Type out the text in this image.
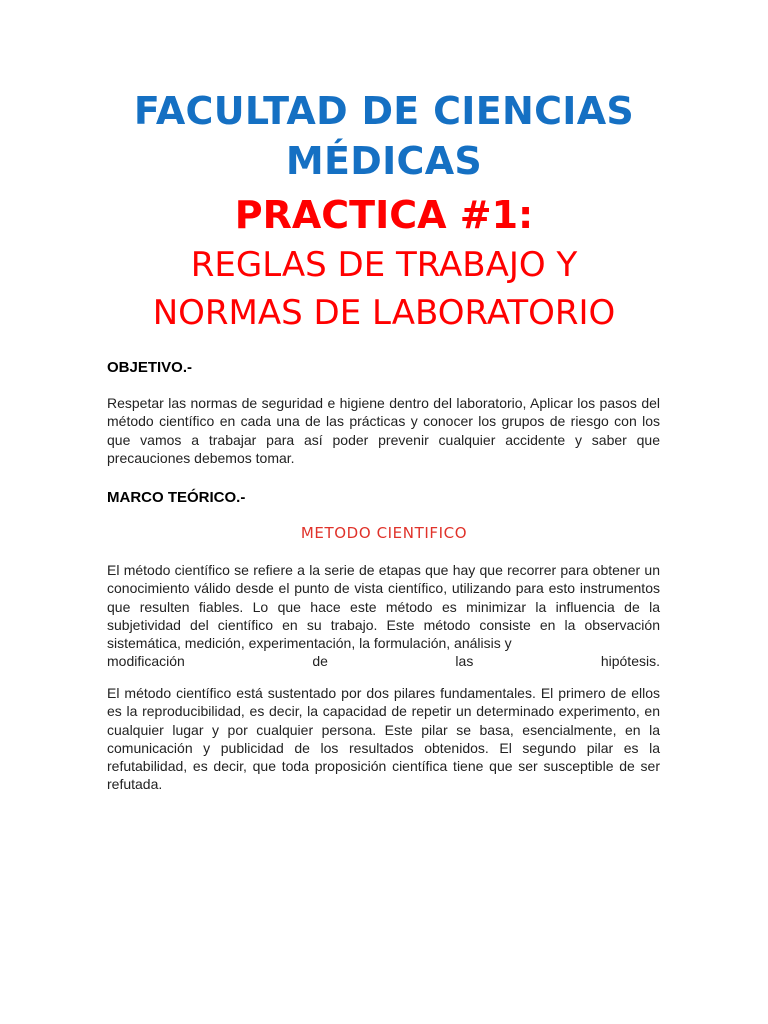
FACULTAD DE CIENCIAS
MÉDICAS
PRACTICA #1:
REGLAS DE TRABAJO Y
NORMAS DE LABORATORIO
OBJETIVO.-
Respetar las normas de seguridad e higiene dentro del laboratorio, Aplicar los pasos del método científico en cada una de las prácticas y conocer los grupos de riesgo con los que vamos a trabajar para así poder prevenir cualquier accidente y saber que precauciones debemos tomar.
MARCO TEÓRICO.-
METODO CIENTIFICO
El método científico se refiere a la serie de etapas que hay que recorrer para obtener un conocimiento válido desde el punto de vista científico, utilizando para esto instrumentos que resulten fiables. Lo que hace este método es minimizar la influencia de la subjetividad del científico en su trabajo. Este método consiste en la observación sistemática, medición, experimentación, la formulación, análisis y
modificación de las hipótesis.
El método científico está sustentado por dos pilares fundamentales. El primero de ellos es la reproducibilidad, es decir, la capacidad de repetir un determinado experimento, en cualquier lugar y por cualquier persona. Este pilar se basa, esencialmente, en la comunicación y publicidad de los resultados obtenidos. El segundo pilar es la refutabilidad, es decir, que toda proposición científica tiene que ser susceptible de ser refutada.
